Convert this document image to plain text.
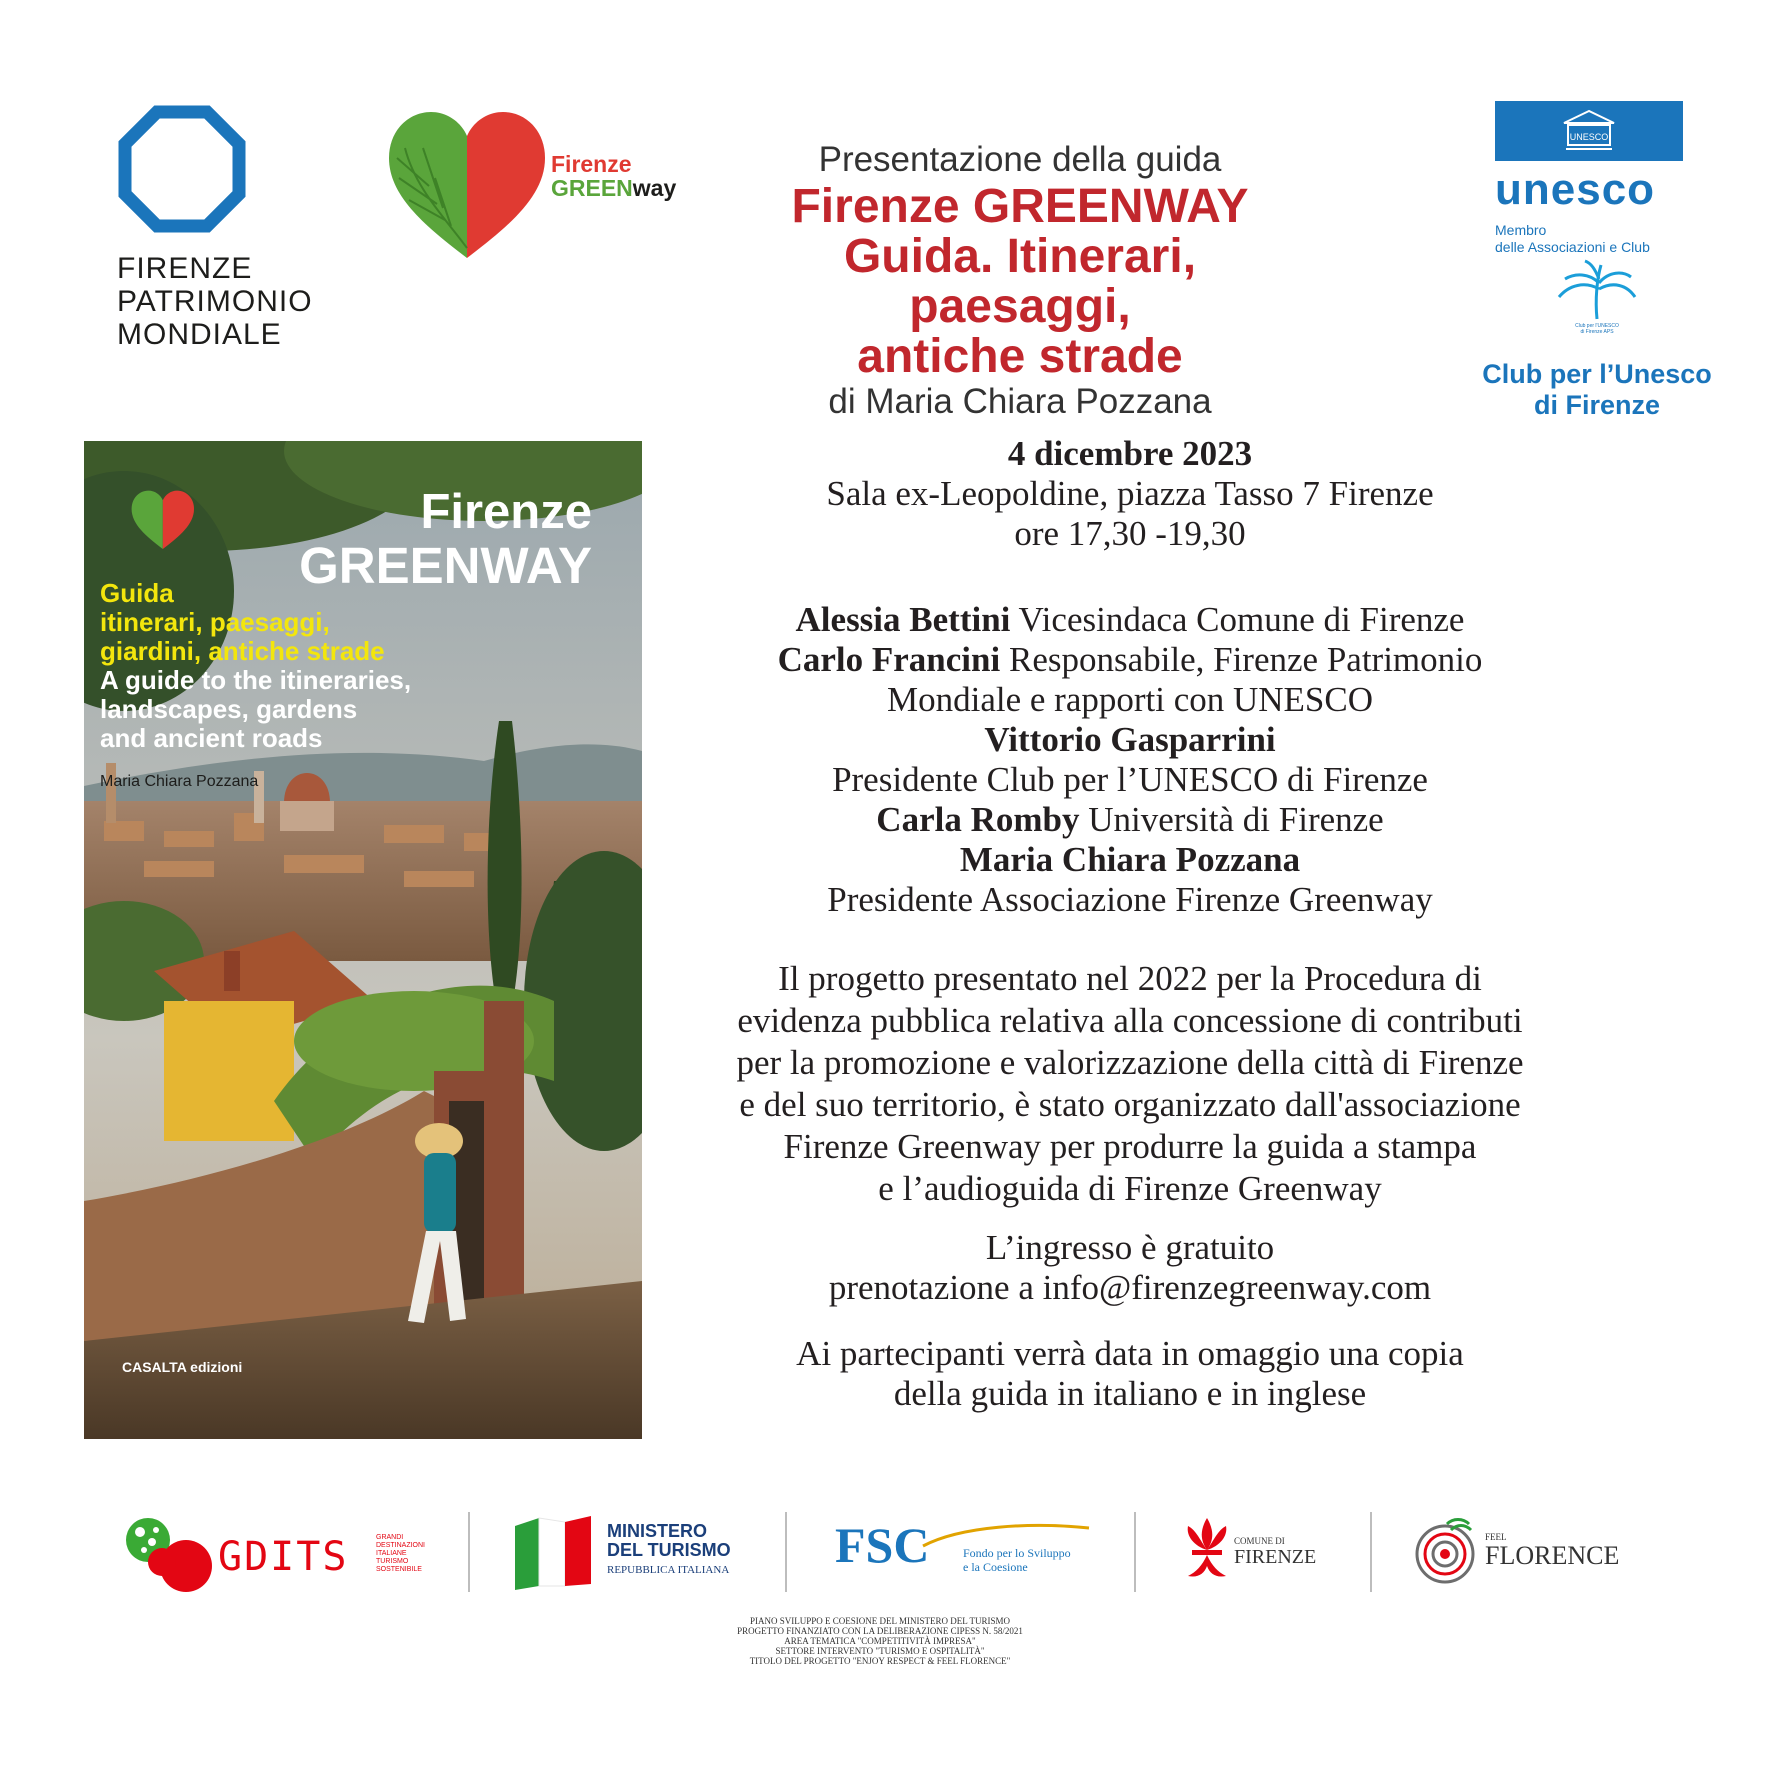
FIRENZE
PATRIMONIO
MONDIALE
Firenze
GREENway
Presentazione della guida
Firenze GREENWAY
Guida. Itinerari, paesaggi,
antiche strade
di Maria Chiara Pozzana
UNESCO
unesco
Membro
delle Associazioni e Club
Club per l'UNESCO
di Firenze APS
Club per l’Unesco
di Firenze
Firenze
GREENWAY
Guida
itinerari, paesaggi,
giardini, antiche strade
A guide to the itineraries,
landscapes, gardens
and ancient roads
Maria Chiara Pozzana
CASALTA edizioni
4 dicembre 2023
Sala ex-Leopoldine, piazza Tasso 7 Firenze
ore 17,30 -19,30
Alessia Bettini Vicesindaca Comune di Firenze
Carlo Francini Responsabile, Firenze Patrimonio
Mondiale e rapporti con UNESCO
Vittorio Gasparrini
Presidente Club per l’UNESCO di Firenze
Carla Romby Università di Firenze
Maria Chiara Pozzana
Presidente Associazione Firenze Greenway
Il progetto presentato nel 2022 per la Procedura di
evidenza pubblica relativa alla concessione di contributi
per la promozione e valorizzazione della città di Firenze
e del suo territorio, è stato organizzato dall'associazione
Firenze Greenway per produrre la guida a stampa
e l’audioguida di Firenze Greenway
L’ingresso è gratuito
prenotazione a info@firenzegreenway.com
Ai partecipanti verrà data in omaggio una copia
della guida in italiano e in inglese
GDITS	GRANDI
DESTINAZIONI
ITALIANE
TURISMO
SOSTENIBILE
MINISTERO
DEL TURISMO
REPUBBLICA ITALIANA FSC	Fondo per lo Sviluppo
e la Coesione
COMUNE DI
FIRENZE
FEEL
FLORENCE
PIANO SVILUPPO E COESIONE DEL MINISTERO DEL TURISMO
PROGETTO FINANZIATO CON LA DELIBERAZIONE CIPESS N. 58/2021
AREA TEMATICA "COMPETITIVITÀ IMPRESA"
SETTORE INTERVENTO "TURISMO E OSPITALITÀ"
TITOLO DEL PROGETTO "ENJOY RESPECT & FEEL FLORENCE"
